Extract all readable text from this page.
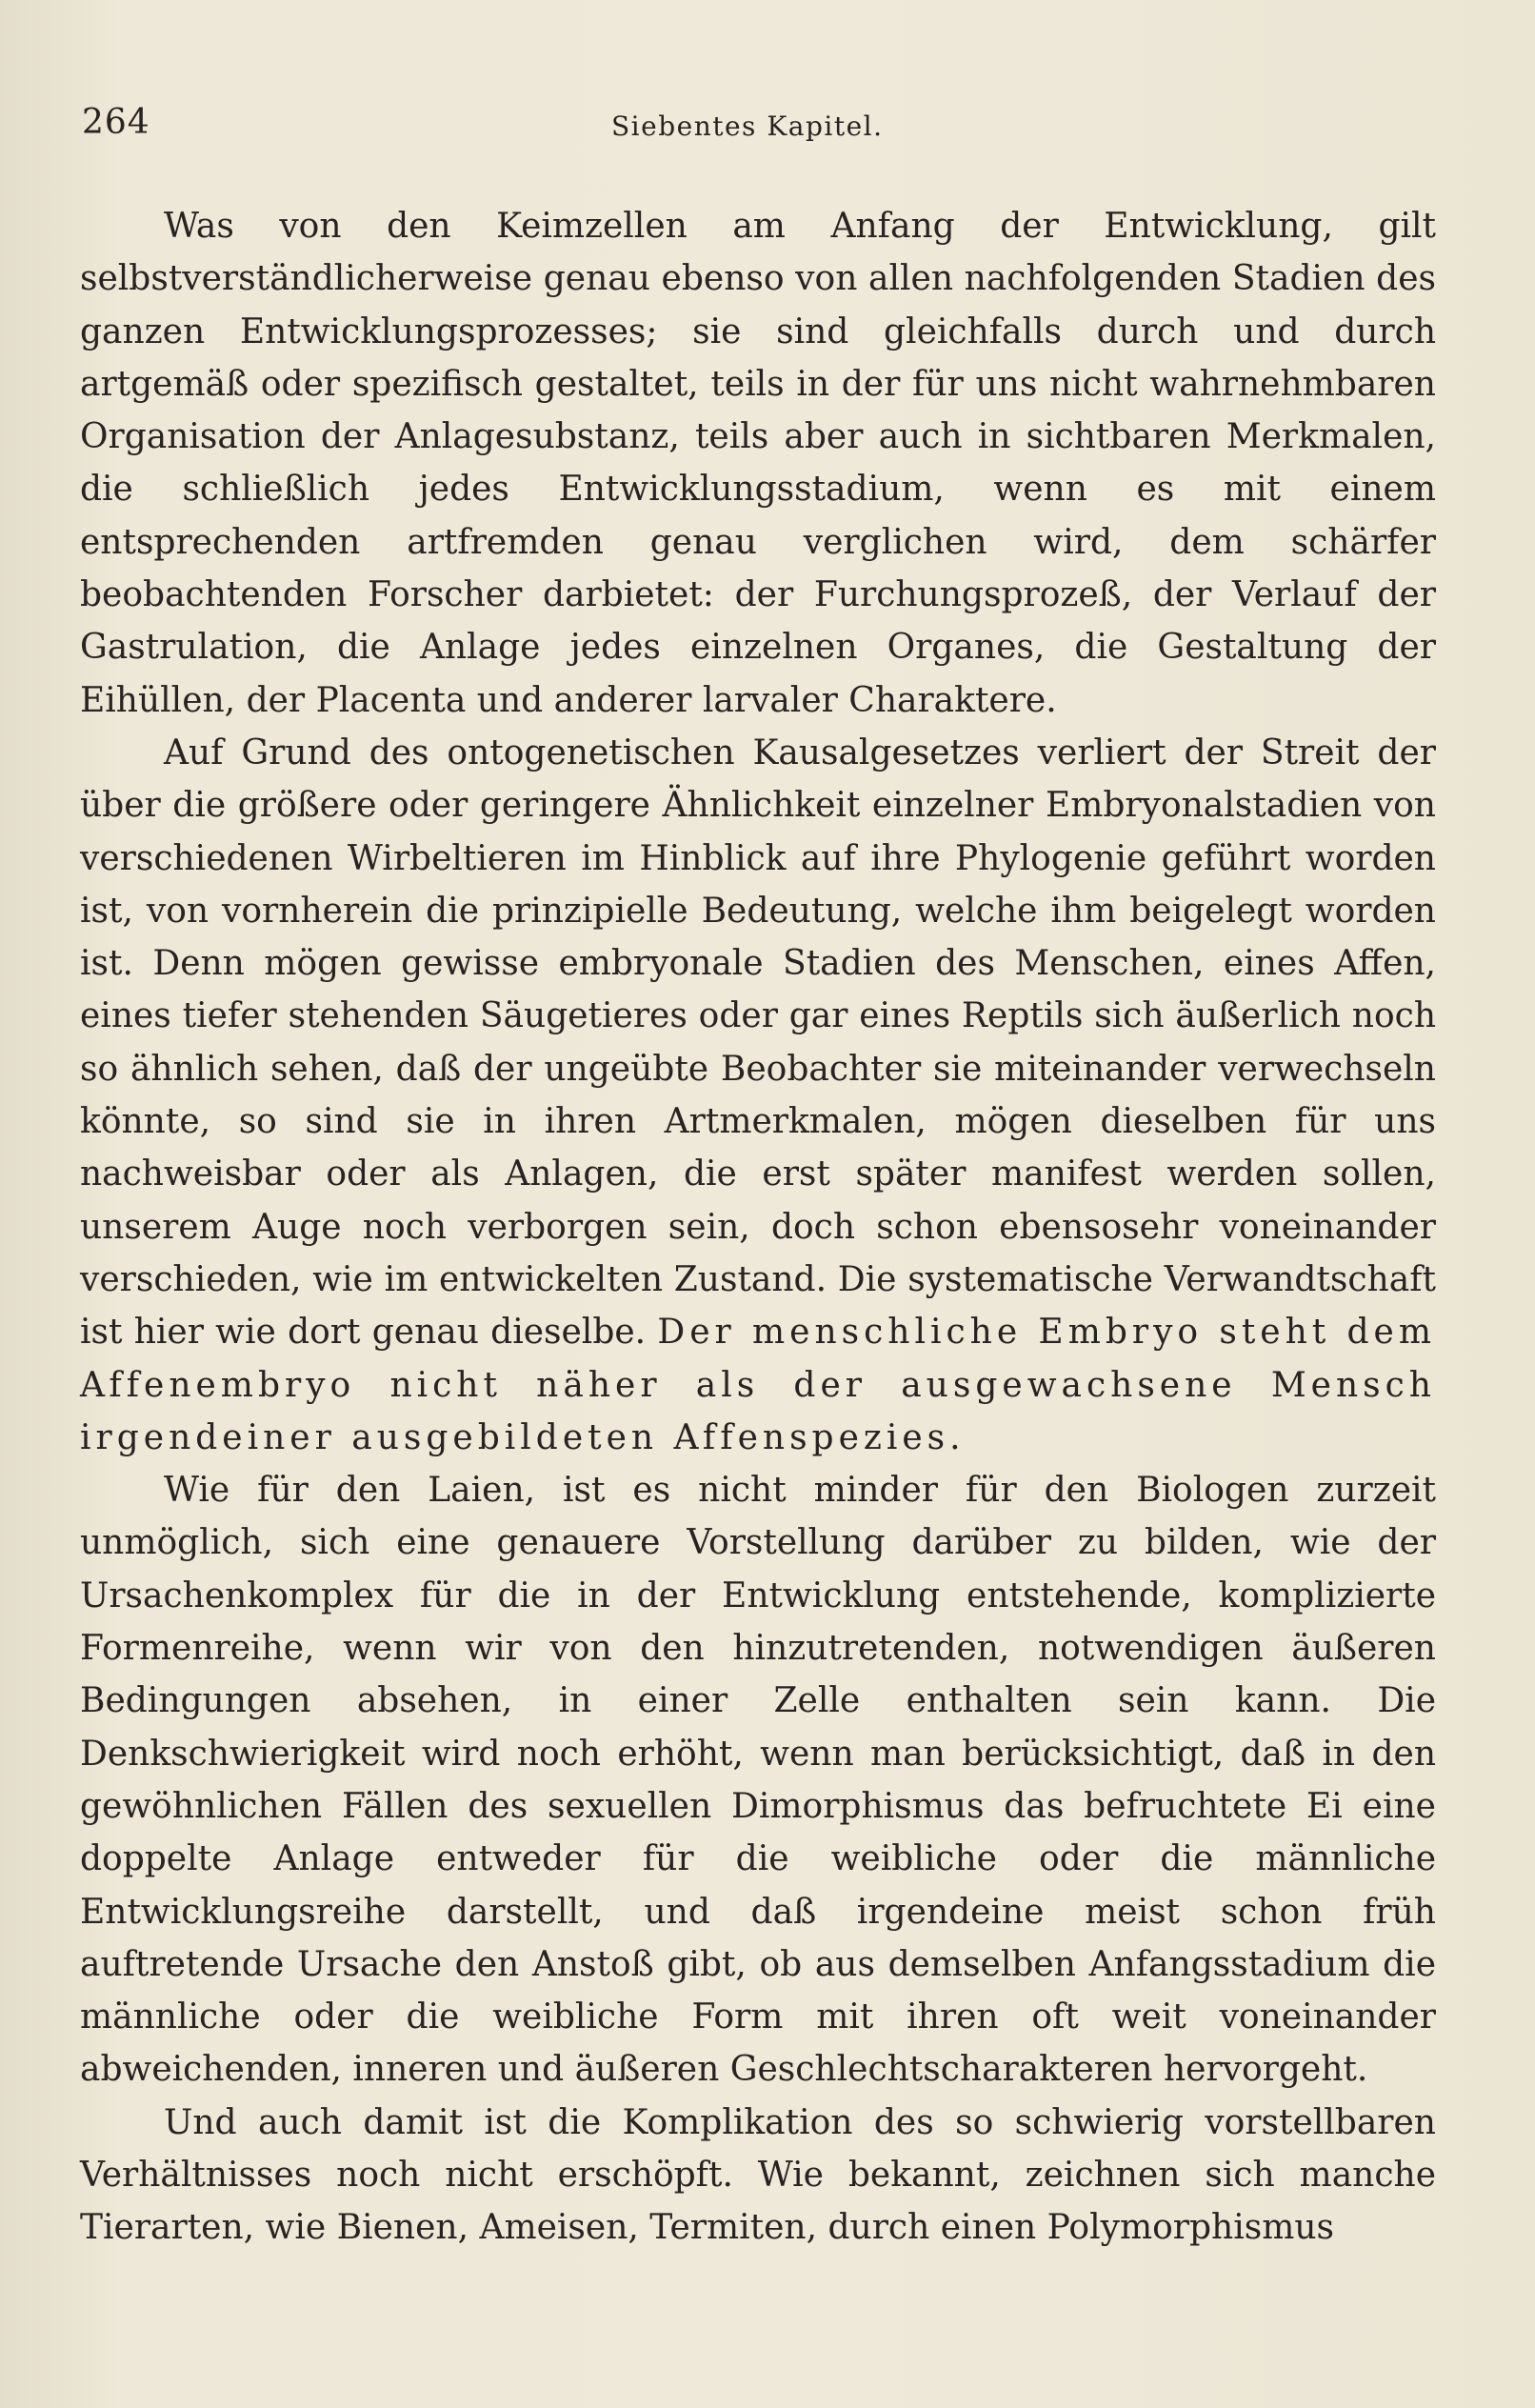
264	Siebentes Kapitel.

Was von den Keimzellen am Anfang der Entwicklung, gilt selbstverständlicherweise genau ebenso von allen nachfolgenden Stadien des ganzen Entwicklungsprozesses; sie sind gleichfalls durch und durch artgemäß oder spezifisch gestaltet, teils in der für uns nicht wahrnehmbaren Organisation der Anlagesubstanz, teils aber auch in sichtbaren Merkmalen, die schließlich jedes Entwicklungsstadium, wenn es mit einem entsprechenden artfremden genau verglichen wird, dem schärfer beobachtenden Forscher darbietet: der Furchungsprozeß, der Verlauf der Gastrulation, die Anlage jedes einzelnen Organes, die Gestaltung der Eihüllen, der Placenta und anderer larvaler Charaktere.

Auf Grund des ontogenetischen Kausalgesetzes verliert der Streit der über die größere oder geringere Ähnlichkeit einzelner Embryonalstadien von verschiedenen Wirbeltieren im Hinblick auf ihre Phylogenie geführt worden ist, von vornherein die prinzipielle Bedeutung, welche ihm beigelegt worden ist. Denn mögen gewisse embryonale Stadien des Menschen, eines Affen, eines tiefer stehenden Säugetieres oder gar eines Reptils sich äußerlich noch so ähnlich sehen, daß der ungeübte Beobachter sie miteinander verwechseln könnte, so sind sie in ihren Artmerkmalen, mögen dieselben für uns nachweisbar oder als Anlagen, die erst später manifest werden sollen, unserem Auge noch verborgen sein, doch schon ebensosehr voneinander verschieden, wie im entwickelten Zustand. Die systematische Verwandtschaft ist hier wie dort genau dieselbe. Der menschliche Embryo steht dem Affenembryo nicht näher als der ausgewachsene Mensch irgendeiner ausgebildeten Affenspezies.

Wie für den Laien, ist es nicht minder für den Biologen zurzeit unmöglich, sich eine genauere Vorstellung darüber zu bilden, wie der Ursachenkomplex für die in der Entwicklung entstehende, komplizierte Formenreihe, wenn wir von den hinzutretenden, notwendigen äußeren Bedingungen absehen, in einer Zelle enthalten sein kann. Die Denkschwierigkeit wird noch erhöht, wenn man berücksichtigt, daß in den gewöhnlichen Fällen des sexuellen Dimorphismus das befruchtete Ei eine doppelte Anlage entweder für die weibliche oder die männliche Entwicklungsreihe darstellt, und daß irgendeine meist schon früh auftretende Ursache den Anstoß gibt, ob aus demselben Anfangsstadium die männliche oder die weibliche Form mit ihren oft weit voneinander abweichenden, inneren und äußeren Geschlechtscharakteren hervorgeht.

Und auch damit ist die Komplikation des so schwierig vorstellbaren Verhältnisses noch nicht erschöpft. Wie bekannt, zeichnen sich manche Tierarten, wie Bienen, Ameisen, Termiten, durch einen Polymorphismus
